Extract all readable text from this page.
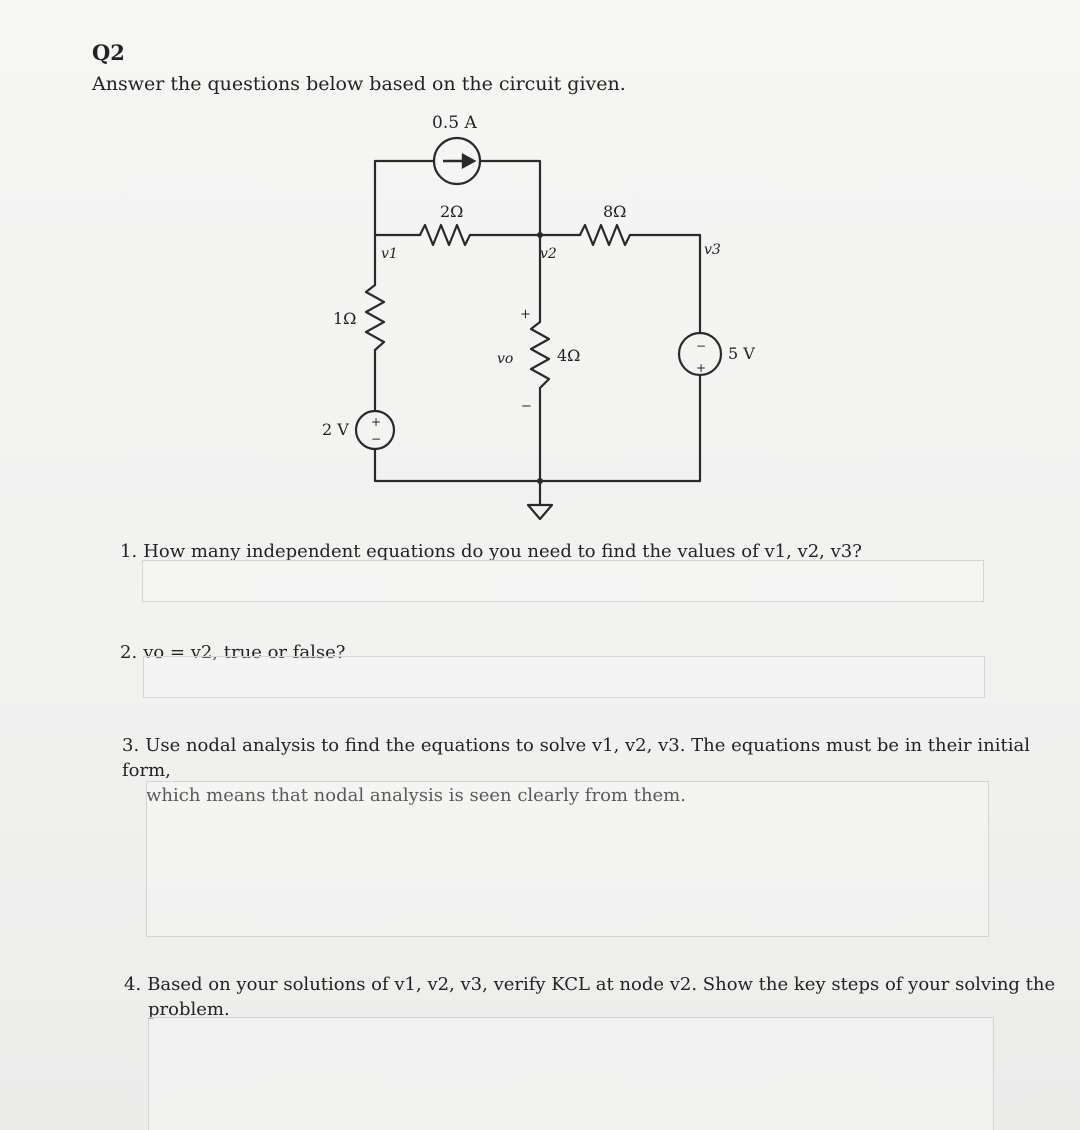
Q2
Answer the questions below based on the circuit given.
0.5 A
2Ω	8Ω
1Ω
4Ω
2 V
5 V
v1	v2	v3
vo
+
−
+
−
−
+
1. How many independent equations do you need to find the values of v1, v2, v3?
2. vo = v2, true or false?
3. Use nodal analysis to find the equations to solve v1, v2, v3. The equations must be in their initial form,
which means that nodal analysis is seen clearly from them.
4. Based on your solutions of v1, v2, v3, verify KCL at node v2. Show the key steps of your solving the
problem.
